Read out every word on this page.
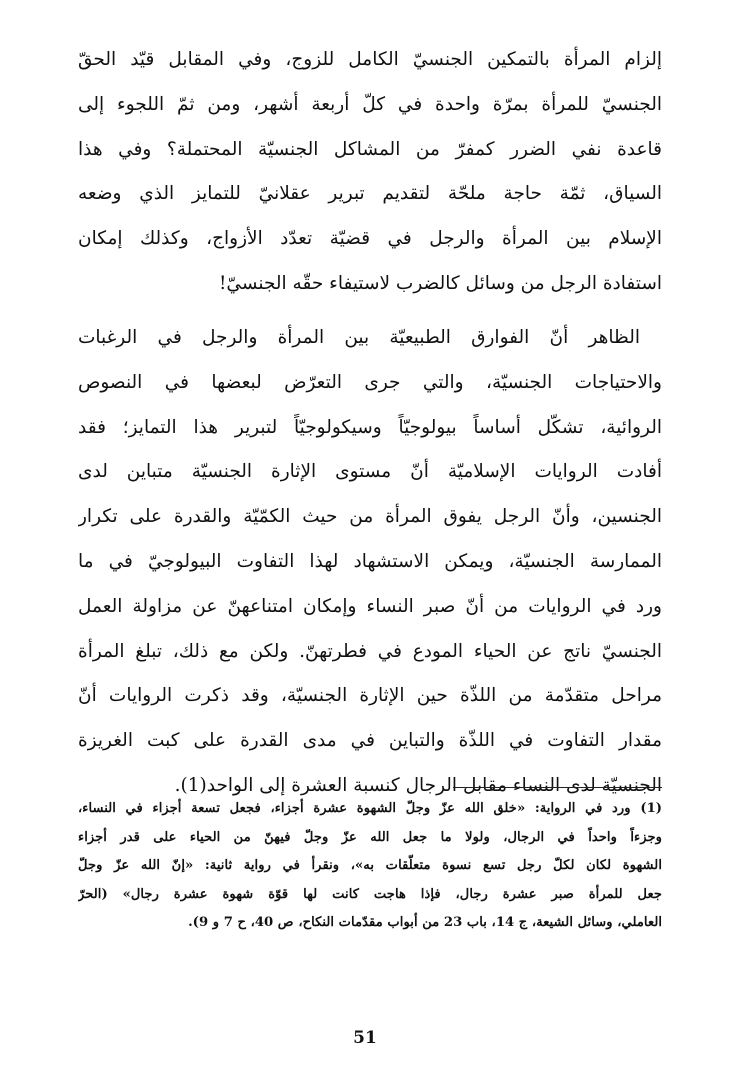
إلزام المرأة بالتمكين الجنسيّ الكامل للزوج، وفي المقابل قيّد الحقّ
الجنسيّ للمرأة بمرّة واحدة في كلّ أربعة أشهر، ومن ثمّ اللجوء إلى
قاعدة نفي الضرر كمفرّ من المشاكل الجنسيّة المحتملة؟ وفي هذا
السياق، ثمّة حاجة ملحّة لتقديم تبرير عقلانيّ للتمايز الذي وضعه
الإسلام بين المرأة والرجل في قضيّة تعدّد الأزواج، وكذلك إمكان
استفادة الرجل من وسائل كالضرب لاستيفاء حقّه الجنسيّ!
الظاهر أنّ الفوارق الطبيعيّة بين المرأة والرجل في الرغبات
والاحتياجات الجنسيّة، والتي جرى التعرّض لبعضها في النصوص
الروائية، تشكّل أساساً بيولوجيّاً وسيكولوجيّاً لتبرير هذا التمايز؛ فقد
أفادت الروايات الإسلاميّة أنّ مستوى الإثارة الجنسيّة متباين لدى
الجنسين، وأنّ الرجل يفوق المرأة من حيث الكمّيّة والقدرة على تكرار
الممارسة الجنسيّة، ويمكن الاستشهاد لهذا التفاوت البيولوجيّ في ما
ورد في الروايات من أنّ صبر النساء وإمكان امتناعهنّ عن مزاولة العمل
الجنسيّ ناتج عن الحياء المودع في فطرتهنّ. ولكن مع ذلك، تبلغ المرأة
مراحل متقدّمة من اللذّة حين الإثارة الجنسيّة، وقد ذكرت الروايات أنّ
مقدار التفاوت في اللذّة والتباين في مدى القدرة على كبت الغريزة
الجنسيّة لدى النساء مقابل الرجال كنسبة العشرة إلى الواحد(1).
(1) ورد في الرواية: «خلق الله عزّ وجلّ الشهوة عشرة أجزاء، فجعل تسعة أجزاء في النساء،
وجزءاً واحداً في الرجال، ولولا ما جعل الله عزّ وجلّ فيهنّ من الحياء على قدر أجزاء
الشهوة لكان لكلّ رجل تسع نسوة متعلّقات به»، ونقرأ في رواية ثانية: «إنّ الله عزّ وجلّ
جعل للمرأة صبر عشرة رجال، فإذا هاجت كانت لها قوّة شهوة عشرة رجال» (الحرّ
العاملي، وسائل الشيعة، ج 14، باب 23 من أبواب مقدّمات النكاح، ص 40، ح 7 و 9).
51
